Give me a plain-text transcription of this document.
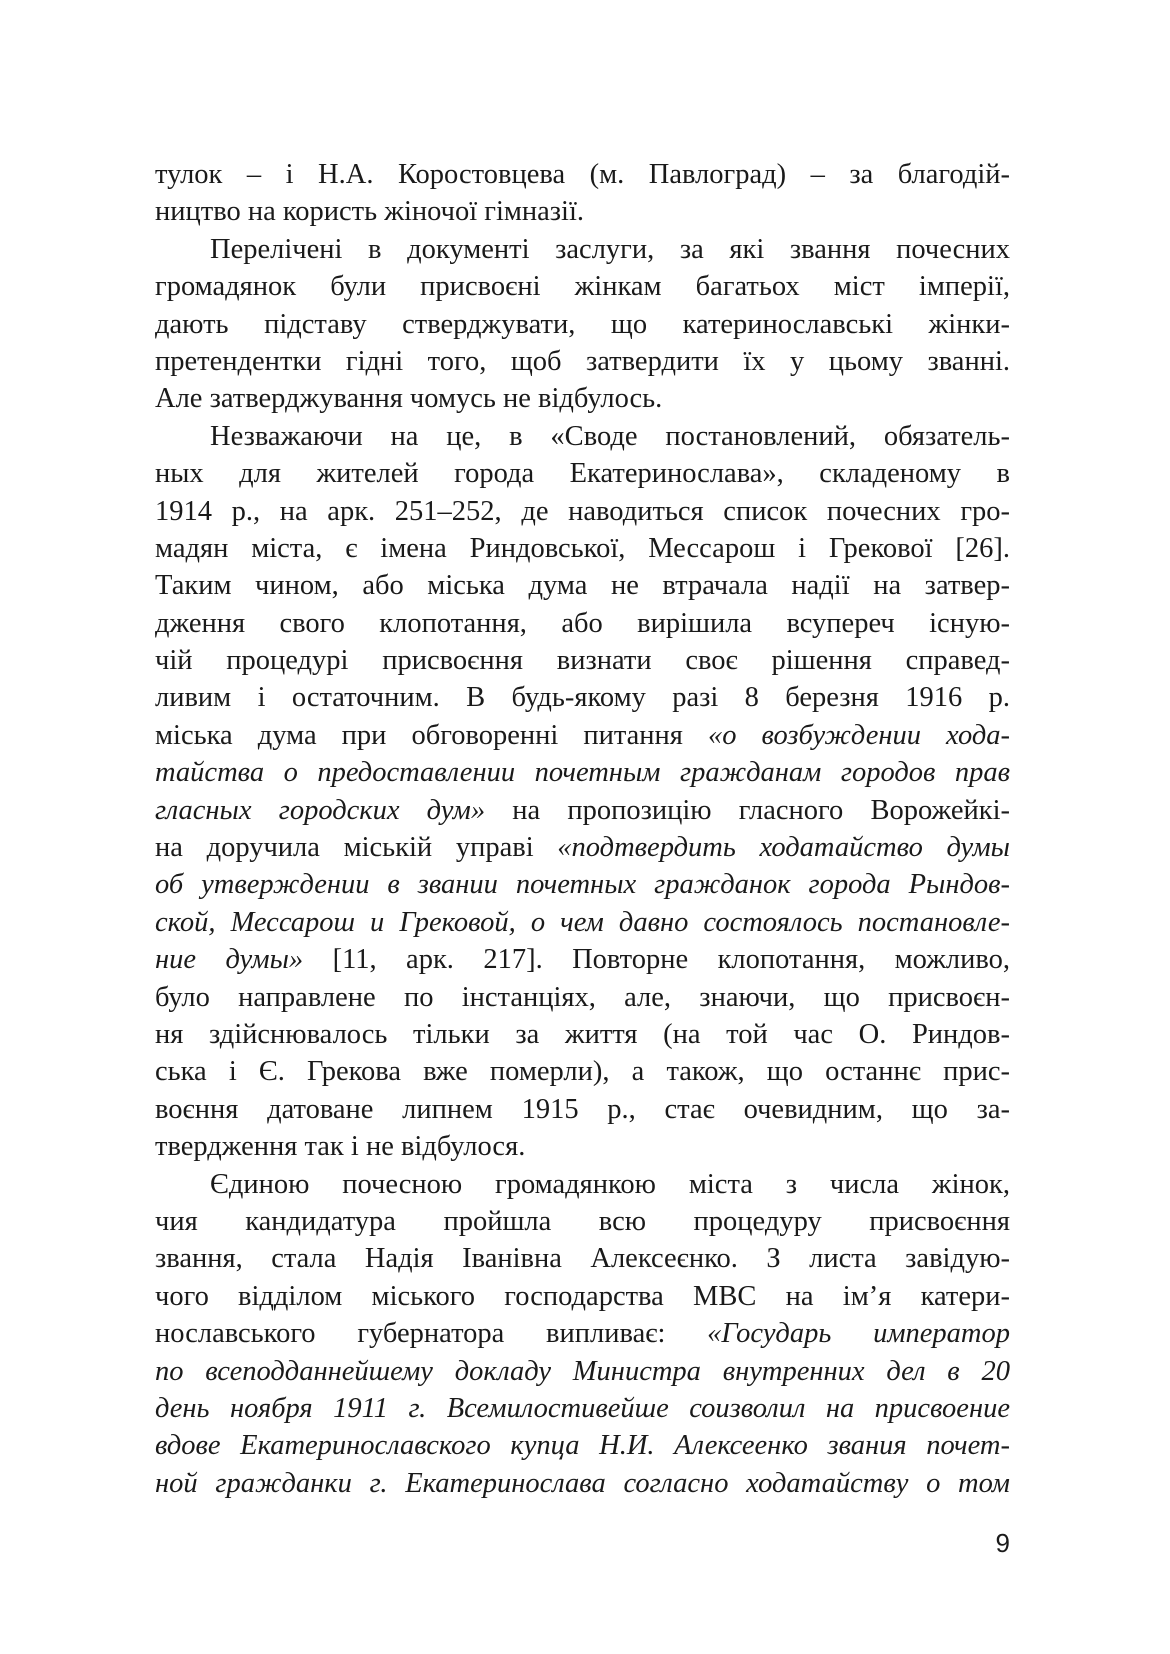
тулок – і Н.А. Коростовцева (м. Павлоград) – за благодій-
ництво на користь жіночої гімназії.
Перелічені в документі заслуги, за які звання почесних
громадянок були присвоєні жінкам багатьох міст імперії,
дають підставу стверджувати, що катеринославські жінки-
претендентки гідні того, щоб затвердити їх у цьому званні.
Але затверджування чомусь не відбулось.
Незважаючи на це, в «Своде постановлений, обязатель-
ных для жителей города Екатеринослава», складеному в
1914 р., на арк. 251–252, де наводиться список почесних гро-
мадян міста, є імена Риндовської, Мессарош і Грекової [26].
Таким чином, або міська дума не втрачала надії на затвер-
дження свого клопотання, або вирішила всупереч існую-
чій процедурі присвоєння визнати своє рішення справед-
ливим і остаточним. В будь-якому разі 8 березня 1916 р.
міська дума при обговоренні питання «о возбуждении хода-
тайства о предоставлении почетным гражданам городов прав
гласных городских дум» на пропозицію гласного Ворожейкі-
на доручила міській управі «подтвердить ходатайство думы
об утверждении в звании почетных гражданок города Рындов-
ской, Мессарош и Грековой, о чем давно состоялось постановле-
ние думы» [11, арк. 217]. Повторне клопотання, можливо,
було направлене по інстанціях, але, знаючи, що присвоєн-
ня здійснювалось тільки за життя (на той час О. Риндов-
ська і Є. Грекова вже померли), а також, що останнє прис-
воєння датоване липнем 1915 р., стає очевидним, що за-
твердження так і не відбулося.
Єдиною почесною громадянкою міста з числа жінок,
чия кандидатура пройшла всю процедуру присвоєння
звання, стала Надія Іванівна Алексеєнко. З листа завідую-
чого відділом міського господарства МВС на ім’я катери-
нославського губернатора випливає: «Государь император
по всеподданнейшему докладу Министра внутренних дел в 20
день ноября 1911 г. Всемилостивейше соизволил на присвоение
вдове Екатеринославского купца Н.И. Алексеенко звания почет-
ной гражданки г. Екатеринослава согласно ходатайству о том
9
